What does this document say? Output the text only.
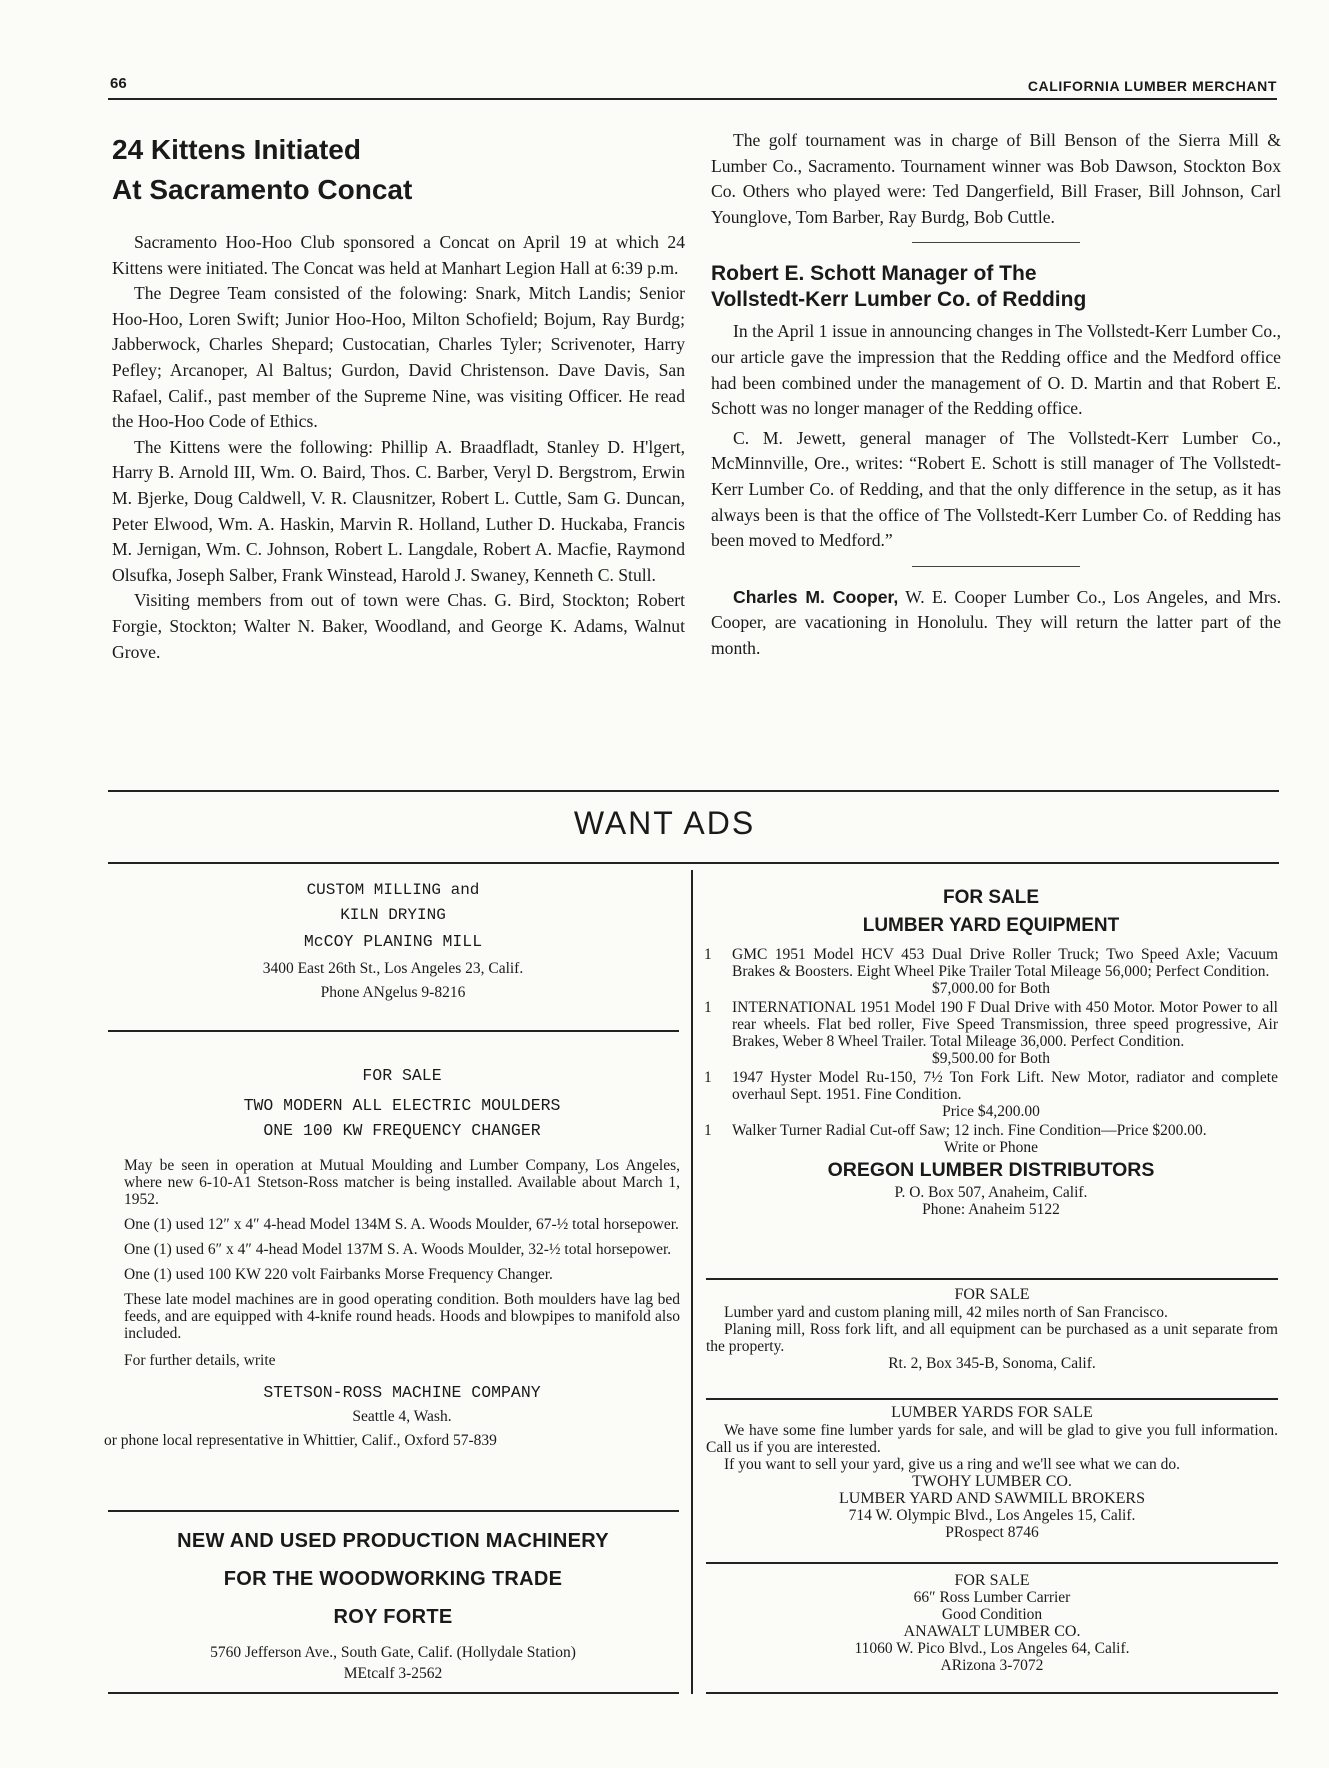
66	CALIFORNIA LUMBER MERCHANT
24 Kittens Initiated
At Sacramento Concat

Sacramento Hoo-Hoo Club sponsored a Concat on April 19 at which 24 Kittens were initiated. The Concat was held at Manhart Legion Hall at 6:39 p.m.

The Degree Team consisted of the folowing: Snark, Mitch Landis; Senior Hoo-Hoo, Loren Swift; Junior Hoo-Hoo, Milton Schofield; Bojum, Ray Burdg; Jabberwock, Charles Shepard; Custocatian, Charles Tyler; Scrivenoter, Harry Pefley; Arcanoper, Al Baltus; Gurdon, David Christenson. Dave Davis, San Rafael, Calif., past member of the Supreme Nine, was visiting Officer. He read the Hoo-Hoo Code of Ethics.

The Kittens were the following: Phillip A. Braadfladt, Stanley D. H'lgert, Harry B. Arnold III, Wm. O. Baird, Thos. C. Barber, Veryl D. Bergstrom, Erwin M. Bjerke, Doug Caldwell, V. R. Clausnitzer, Robert L. Cuttle, Sam G. Duncan, Peter Elwood, Wm. A. Haskin, Marvin R. Holland, Luther D. Huckaba, Francis M. Jernigan, Wm. C. Johnson, Robert L. Langdale, Robert A. Macfie, Raymond Olsufka, Joseph Salber, Frank Winstead, Harold J. Swaney, Kenneth C. Stull.

Visiting members from out of town were Chas. G. Bird, Stockton; Robert Forgie, Stockton; Walter N. Baker, Woodland, and George K. Adams, Walnut Grove.

The golf tournament was in charge of Bill Benson of the Sierra Mill & Lumber Co., Sacramento. Tournament winner was Bob Dawson, Stockton Box Co. Others who played were: Ted Dangerfield, Bill Fraser, Bill Johnson, Carl Younglove, Tom Barber, Ray Burdg, Bob Cuttle.

Robert E. Schott Manager of The
Vollstedt-Kerr Lumber Co. of Redding

In the April 1 issue in announcing changes in The Vollstedt-Kerr Lumber Co., our article gave the impression that the Redding office and the Medford office had been combined under the management of O. D. Martin and that Robert E. Schott was no longer manager of the Redding office.

C. M. Jewett, general manager of The Vollstedt-Kerr Lumber Co., McMinnville, Ore., writes: “Robert E. Schott is still manager of The Vollstedt-Kerr Lumber Co. of Redding, and that the only difference in the setup, as it has always been is that the office of The Vollstedt-Kerr Lumber Co. of Redding has been moved to Medford.”

Charles M. Cooper, W. E. Cooper Lumber Co., Los Angeles, and Mrs. Cooper, are vacationing in Honolulu. They will return the latter part of the month.

WANT ADS
CUSTOM MILLING and
KILN DRYING
McCOY PLANING MILL
3400 East 26th St., Los Angeles 23, Calif.
Phone ANgelus 9-8216
FOR SALE
TWO MODERN ALL ELECTRIC MOULDERS
ONE 100 KW FREQUENCY CHANGER
May be seen in operation at Mutual Moulding and Lumber Company, Los Angeles, where new 6-10-A1 Stetson-Ross matcher is being installed. Available about March 1, 1952.
One (1) used 12″ x 4″ 4-head Model 134M S. A. Woods Moulder, 67-½ total horsepower.
One (1) used 6″ x 4″ 4-head Model 137M S. A. Woods Moulder, 32-½ total horsepower.
One (1) used 100 KW 220 volt Fairbanks Morse Frequency Changer.
These late model machines are in good operating condition. Both moulders have lag bed feeds, and are equipped with 4-knife round heads. Hoods and blowpipes to manifold also included.
For further details, write
STETSON-ROSS MACHINE COMPANY
Seattle 4, Wash.
or phone local representative in Whittier, Calif., Oxford 57-839
NEW AND USED PRODUCTION MACHINERY
FOR THE WOODWORKING TRADE
ROY FORTE
5760 Jefferson Ave., South Gate, Calif. (Hollydale Station)
MEtcalf 3-2562
FOR SALE
LUMBER YARD EQUIPMENT
1	GMC 1951 Model HCV 453 Dual Drive Roller Truck; Two Speed Axle; Vacuum Brakes & Boosters. Eight Wheel Pike Trailer Total Mileage 56,000; Perfect Condition.
$7,000.00 for Both
1	INTERNATIONAL 1951 Model 190 F Dual Drive with 450 Motor. Motor Power to all rear wheels. Flat bed roller, Five Speed Transmission, three speed progressive, Air Brakes, Weber 8 Wheel Trailer. Total Mileage 36,000. Perfect Condition.
$9,500.00 for Both
1	1947 Hyster Model Ru-150, 7½ Ton Fork Lift. New Motor, radiator and complete overhaul Sept. 1951. Fine Condition.
Price $4,200.00
1	Walker Turner Radial Cut-off Saw; 12 inch. Fine Condition—Price $200.00.
Write or Phone
OREGON LUMBER DISTRIBUTORS
P. O. Box 507, Anaheim, Calif.
Phone: Anaheim 5122
FOR SALE
Lumber yard and custom planing mill, 42 miles north of San Francisco.
Planing mill, Ross fork lift, and all equipment can be purchased as a unit separate from the property.
Rt. 2, Box 345-B, Sonoma, Calif.
LUMBER YARDS FOR SALE
We have some fine lumber yards for sale, and will be glad to give you full information. Call us if you are interested.
If you want to sell your yard, give us a ring and we'll see what we can do.
TWOHY LUMBER CO.
LUMBER YARD AND SAWMILL BROKERS
714 W. Olympic Blvd., Los Angeles 15, Calif.
PRospect 8746
FOR SALE
66″ Ross Lumber Carrier
Good Condition
ANAWALT LUMBER CO.
11060 W. Pico Blvd., Los Angeles 64, Calif.
ARizona 3-7072
